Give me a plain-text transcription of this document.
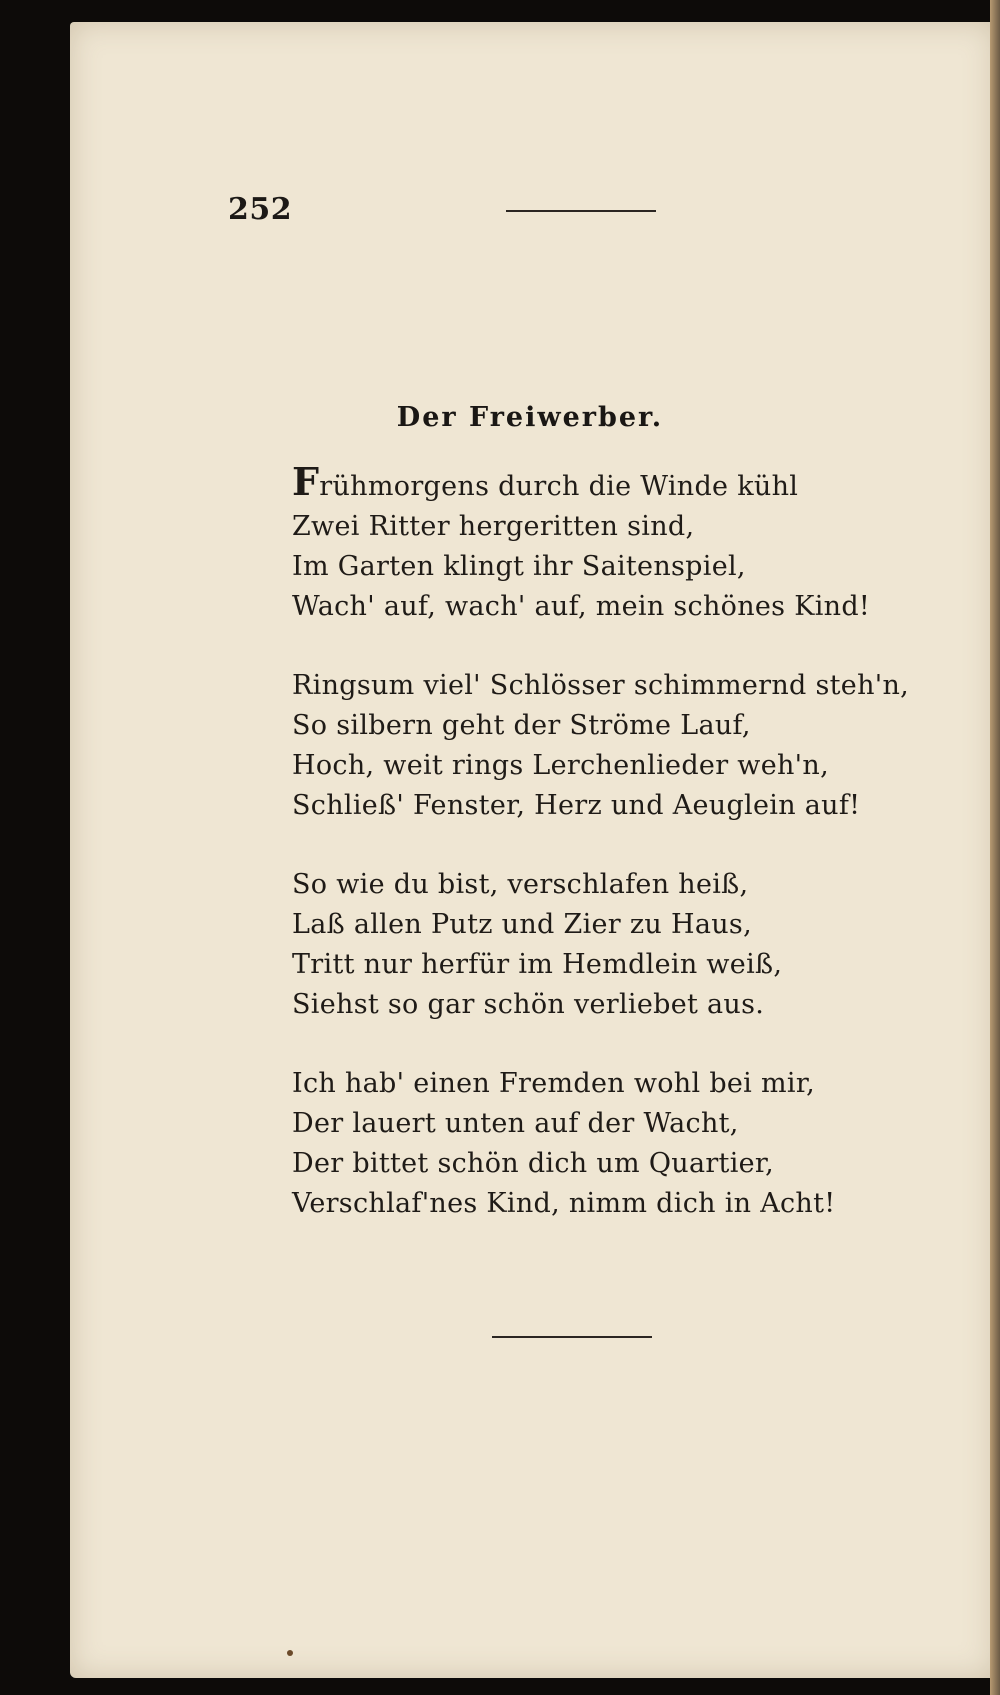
252
Der Freiwerber.
Frühmorgens durch die Winde kühl
Zwei Ritter hergeritten sind,
Im Garten klingt ihr Saitenspiel,
Wach' auf, wach' auf, mein schönes Kind!
Ringsum viel' Schlösser schimmernd steh'n,
So silbern geht der Ströme Lauf,
Hoch, weit rings Lerchenlieder weh'n,
Schließ' Fenster, Herz und Aeuglein auf!
So wie du bist, verschlafen heiß,
Laß allen Putz und Zier zu Haus,
Tritt nur herfür im Hemdlein weiß,
Siehst so gar schön verliebet aus.
Ich hab' einen Fremden wohl bei mir,
Der lauert unten auf der Wacht,
Der bittet schön dich um Quartier,
Verschlaf'nes Kind, nimm dich in Acht!
